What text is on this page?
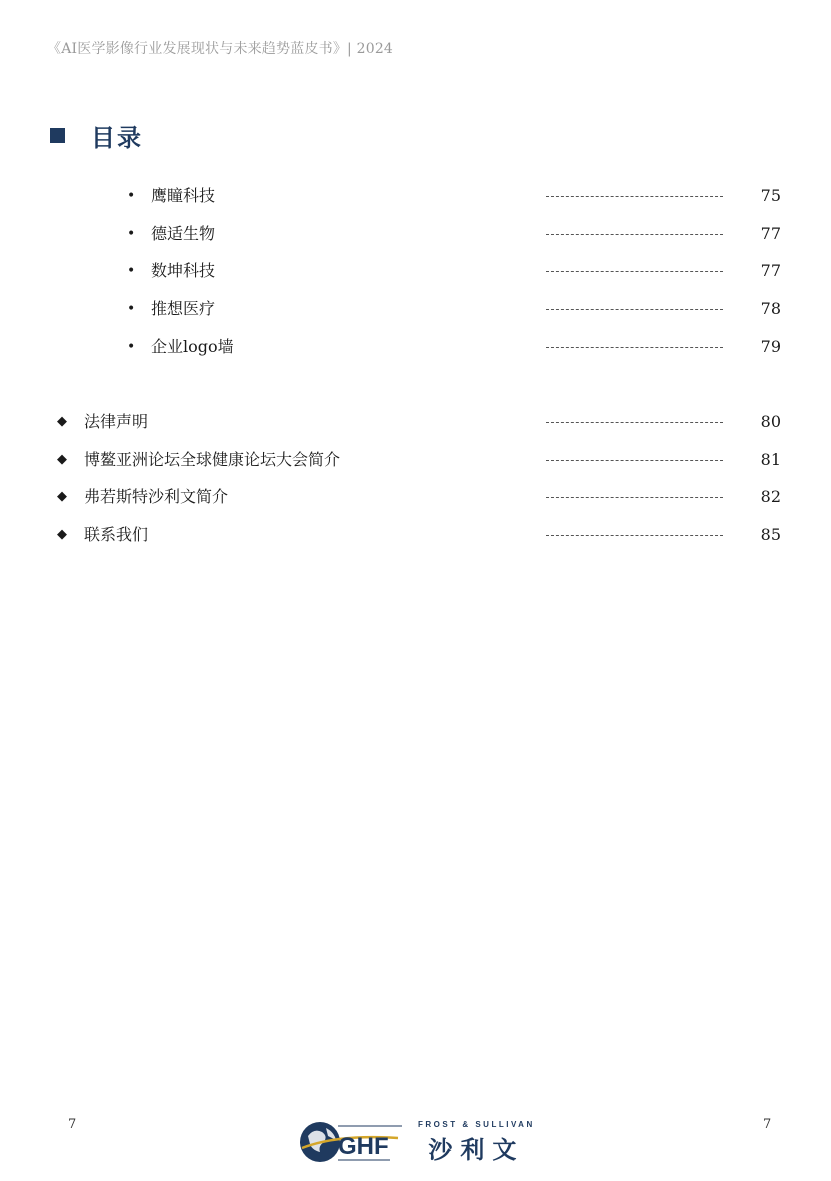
《AI医学影像行业发展现状与未来趋势蓝皮书》| 2024
目录
• 鹰瞳科技	75
• 德适生物	77
• 数坤科技	77
• 推想医疗	78
• 企业logo墙	79
◆ 法律声明	80
◆ 博鳌亚洲论坛全球健康论坛大会简介	81
◆ 弗若斯特沙利文简介	82
◆ 联系我们	85
7	7
GHF
FROST & SULLIVAN
沙利文
